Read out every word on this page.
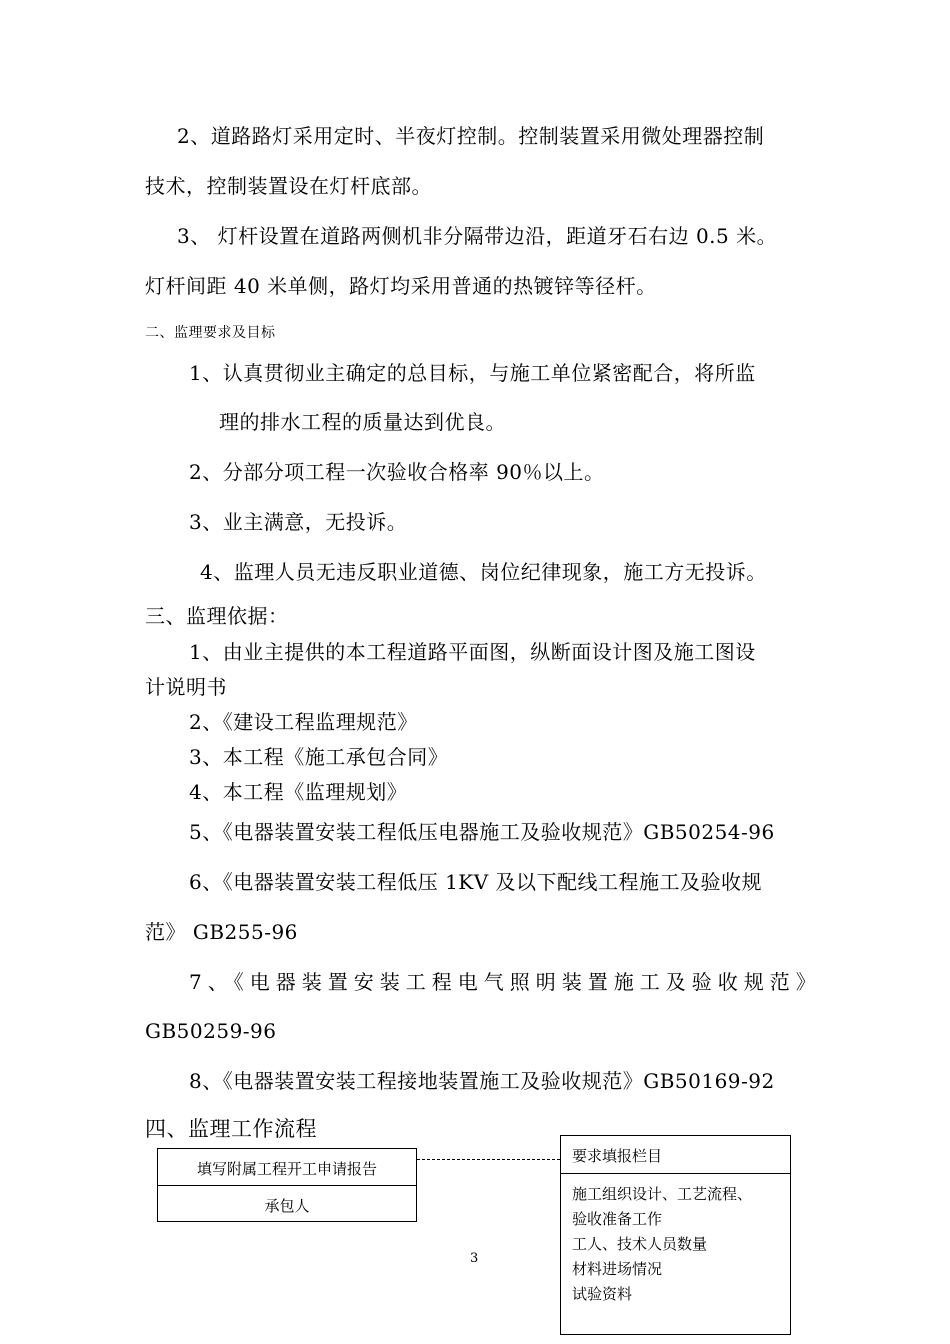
2、道路路灯采用定时、半夜灯控制。控制装置采用微处理器控制
技术，控制装置设在灯杆底部。
3、 灯杆设置在道路两侧机非分隔带边沿，距道牙石右边 0.5 米。
灯杆间距 40 米单侧，路灯均采用普通的热镀锌等径杆。
二、监理要求及目标
1、认真贯彻业主确定的总目标，与施工单位紧密配合，将所监
理的排水工程的质量达到优良。
2、分部分项工程一次验收合格率 90％以上。
3、业主满意，无投诉。
4、监理人员无违反职业道德、岗位纪律现象，施工方无投诉。
三、监理依据：
1、由业主提供的本工程道路平面图，纵断面设计图及施工图设
计说明书
2、《建设工程监理规范》
3、本工程《施工承包合同》
4、本工程《监理规划》
5、《电器装置安装工程低压电器施工及验收规范》GB50254-96
6、《电器装置安装工程低压 1KV 及以下配线工程施工及验收规
范》 GB255-96
7、《电器装置安装工程电气照明装置施工及验收规范》
GB50259-96
8、《电器装置安装工程接地装置施工及验收规范》GB50169-92
四、监理工作流程
填写附属工程开工申请报告
承包人
要求填报栏目
施工组织设计、工艺流程、
验收准备工作
工人、技术人员数量
材料进场情况
试验资料
3
